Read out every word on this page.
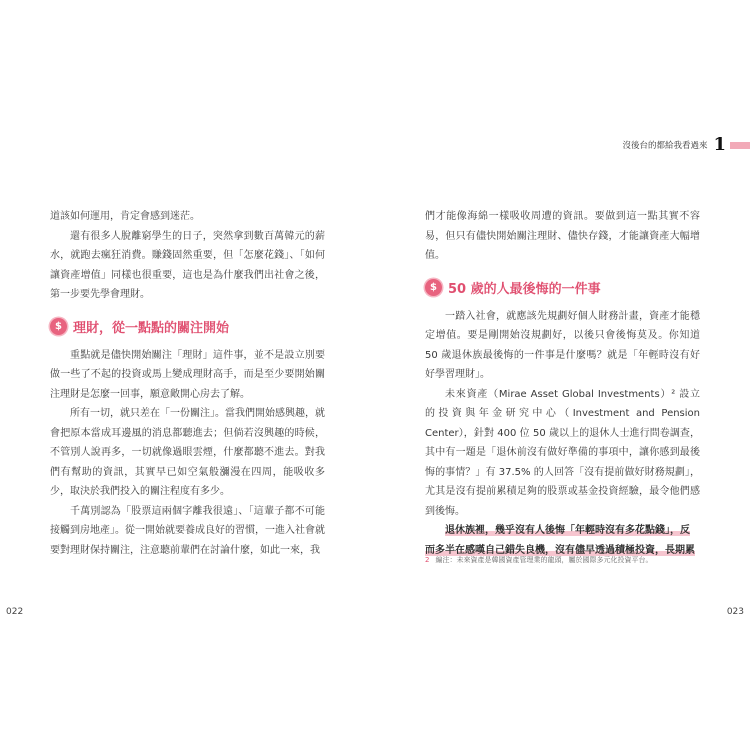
道該如何運用，肯定會感到迷茫。

還有很多人脫離窮學生的日子，突然拿到數百萬韓元的薪水，就跑去瘋狂消費。賺錢固然重要，但「怎麼花錢」、「如何讓資產增值」同樣也很重要，這也是為什麼我們出社會之後，第一步要先學會理財。

$ 理財，從一點點的關注開始

重點就是儘快開始關注「理財」這件事，並不是設立別要做一些了不起的投資或馬上變成理財高手，而是至少要開始關注理財是怎麼一回事，願意敞開心房去了解。

所有一切，就只差在「一份關注」。當我們開始感興趣，就會把原本當成耳邊風的消息都聽進去；但倘若沒興趣的時候，不管別人說再多，一切就像過眼雲煙，什麼都聽不進去。對我們有幫助的資訊，其實早已如空氣般瀰漫在四周，能吸收多少，取決於我們投入的關注程度有多少。

千萬別認為「股票這兩個字離我很遠」、「這輩子都不可能接觸到房地產」。從一開始就要養成良好的習慣，一進入社會就要對理財保持關注，注意聽前輩們在討論什麼，如此一來，我

022
沒後台的都給我看過來 1

們才能像海綿一樣吸收周遭的資訊。要做到這一點其實不容易，但只有儘快開始關注理財、儘快存錢，才能讓資產大幅增值。

$ 50 歲的人最後悔的一件事

一踏入社會，就應該先規劃好個人財務計畫，資產才能穩定增值。要是剛開始沒規劃好，以後只會後悔莫及。你知道 50 歲退休族最後悔的一件事是什麼嗎？就是「年輕時沒有好好學習理財」。

未來資產（Mirae Asset Global Investments）² 設立的投資與年金研究中心（Investment and Pension Center），針對 400 位 50 歲以上的退休人士進行問卷調查，其中有一題是「退休前沒有做好準備的事項中，讓你感到最後悔的事情？」有 37.5% 的人回答「沒有提前做好財務規劃」，尤其是沒有提前累積足夠的股票或基金投資經驗，最令他們感到後悔。

退休族裡，幾乎沒有人後悔「年輕時沒有多花點錢」，反
而多半在感嘆自己錯失良機，沒有儘早透過積極投資，長期累

2 編注：未來資產是韓國資產管理業的龍頭，屬於國際多元化投資平台。
023
